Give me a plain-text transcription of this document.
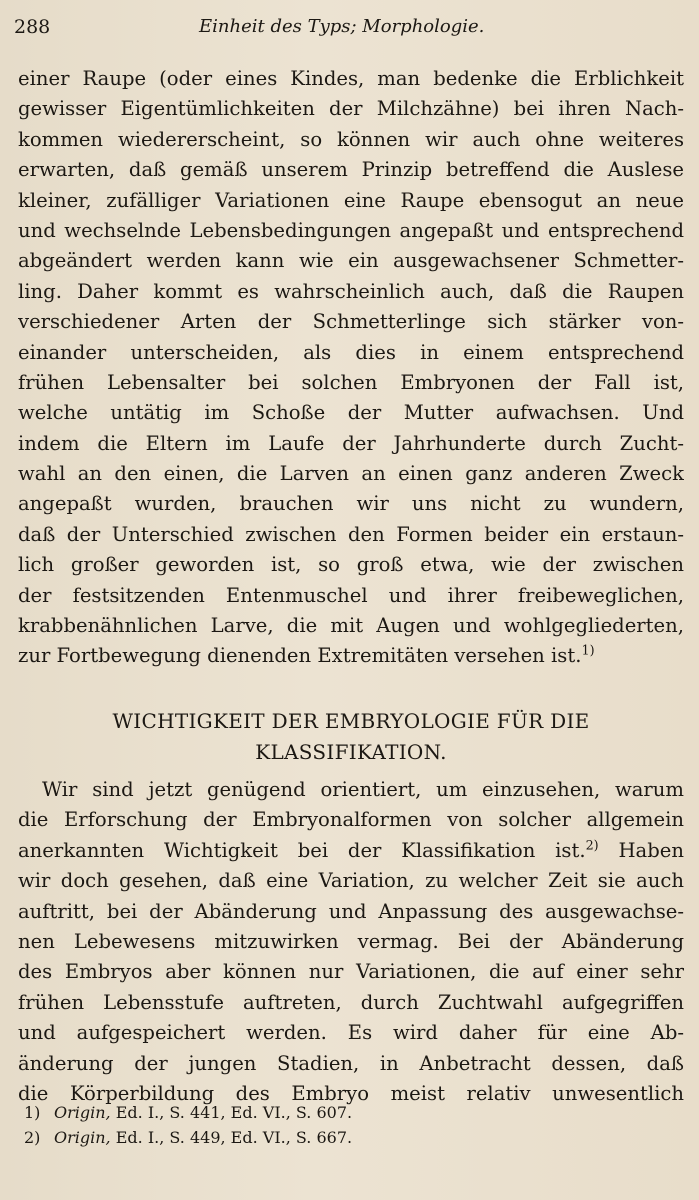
288	Einheit des Typs; Morphologie.
einer Raupe (oder eines Kindes, man bedenke die Erblichkeit
gewisser Eigentümlichkeiten der Milchzähne) bei ihren Nach-
kommen wiedererscheint, so können wir auch ohne weiteres
erwarten, daß gemäß unserem Prinzip betreffend die Auslese
kleiner, zufälliger Variationen eine Raupe ebensogut an neue
und wechselnde Lebensbedingungen angepaßt und entsprechend
abgeändert werden kann wie ein ausgewachsener Schmetter-
ling. Daher kommt es wahrscheinlich auch, daß die Raupen
verschiedener Arten der Schmetterlinge sich stärker von-
einander unterscheiden, als dies in einem entsprechend
frühen Lebensalter bei solchen Embryonen der Fall ist,
welche untätig im Schoße der Mutter aufwachsen. Und
indem die Eltern im Laufe der Jahrhunderte durch Zucht-
wahl an den einen, die Larven an einen ganz anderen Zweck
angepaßt wurden, brauchen wir uns nicht zu wundern,
daß der Unterschied zwischen den Formen beider ein erstaun-
lich großer geworden ist, so groß etwa, wie der zwischen
der festsitzenden Entenmuschel und ihrer freibeweglichen,
krabbenähnlichen Larve, die mit Augen und wohlgegliederten,
zur Fortbewegung dienenden Extremitäten versehen ist.$^{1)}$
WICHTIGKEIT DER EMBRYOLOGIE FÜR DIE
KLASSIFIKATION.
Wir sind jetzt genügend orientiert, um einzusehen, warum
die Erforschung der Embryonalformen von solcher allgemein
anerkannten Wichtigkeit bei der Klassifikation ist.$^{2)}$ Haben
wir doch gesehen, daß eine Variation, zu welcher Zeit sie auch
auftritt, bei der Abänderung und Anpassung des ausgewachse-
nen Lebewesens mitzuwirken vermag. Bei der Abänderung
des Embryos aber können nur Variationen, die auf einer sehr
frühen Lebensstufe auftreten, durch Zuchtwahl aufgegriffen
und aufgespeichert werden. Es wird daher für eine Ab-
änderung der jungen Stadien, in Anbetracht dessen, daß
die Körperbildung des Embryo meist relativ unwesentlich
1) Origin, Ed. I., S. 441, Ed. VI., S. 607.
2) Origin, Ed. I., S. 449, Ed. VI., S. 667.
